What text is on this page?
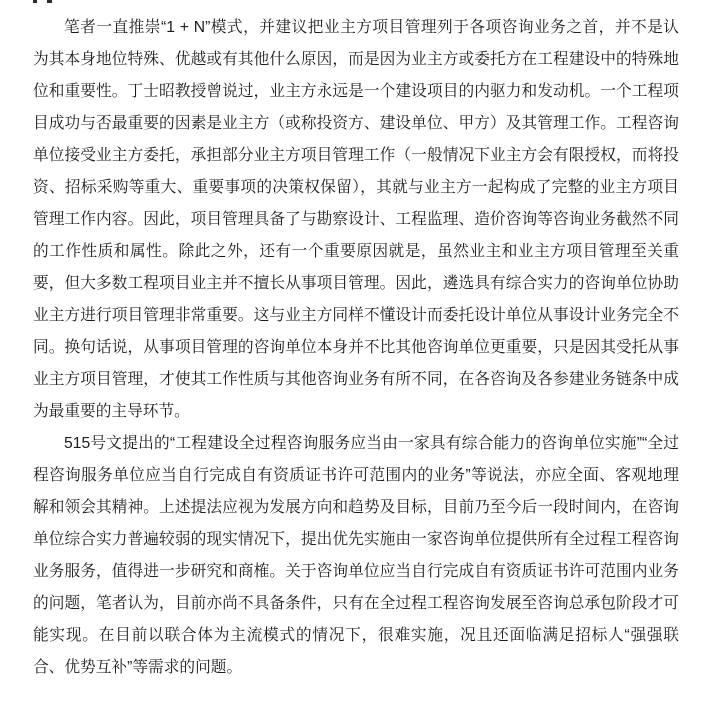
笔者一直推崇“1 + N”模式，并建议把业主方项目管理列于各项咨询业务之首，并不是认
为其本身地位特殊、优越或有其他什么原因，而是因为业主方或委托方在工程建设中的特殊地
位和重要性。丁士昭教授曾说过，业主方永远是一个建设项目的内驱力和发动机。一个工程项
目成功与否最重要的因素是业主方（或称投资方、建设单位、甲方）及其管理工作。工程咨询
单位接受业主方委托，承担部分业主方项目管理工作（一般情况下业主方会有限授权，而将投
资、招标采购等重大、重要事项的决策权保留），其就与业主方一起构成了完整的业主方项目
管理工作内容。因此，项目管理具备了与勘察设计、工程监理、造价咨询等咨询业务截然不同
的工作性质和属性。除此之外，还有一个重要原因就是，虽然业主和业主方项目管理至关重
要，但大多数工程项目业主并不擅长从事项目管理。因此，遴选具有综合实力的咨询单位协助
业主方进行项目管理非常重要。这与业主方同样不懂设计而委托设计单位从事设计业务完全不
同。换句话说，从事项目管理的咨询单位本身并不比其他咨询单位更重要，只是因其受托从事
业主方项目管理，才使其工作性质与其他咨询业务有所不同，在各咨询及各参建业务链条中成
为最重要的主导环节。
515号文提出的“工程建设全过程咨询服务应当由一家具有综合能力的咨询单位实施”“全过
程咨询服务单位应当自行完成自有资质证书许可范围内的业务”等说法，亦应全面、客观地理
解和领会其精神。上述提法应视为发展方向和趋势及目标，目前乃至今后一段时间内，在咨询
单位综合实力普遍较弱的现实情况下，提出优先实施由一家咨询单位提供所有全过程工程咨询
业务服务，值得进一步研究和商榷。关于咨询单位应当自行完成自有资质证书许可范围内业务
的问题，笔者认为，目前亦尚不具备条件，只有在全过程工程咨询发展至咨询总承包阶段才可
能实现。在目前以联合体为主流模式的情况下，很难实施，况且还面临满足招标人“强强联
合、优势互补”等需求的问题。
